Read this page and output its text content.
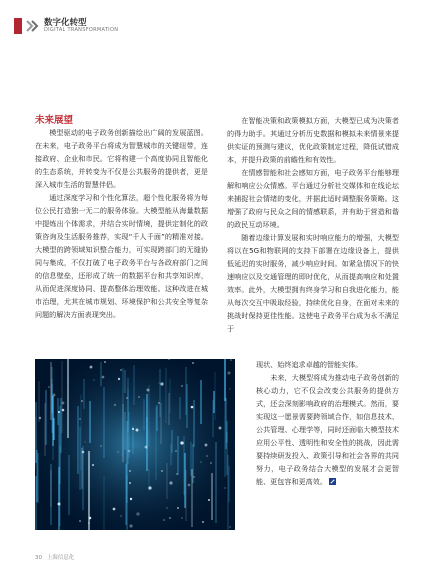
数字化转型
DIGITAL TRANSFORMATION
未来展望

模型驱动的电子政务创新描绘出广阔的发展蓝图。在未来，电子政务平台将成为智慧城市的关键纽带，连接政府、企业和市民。它将构建一个高度协同且智能化的生态系统，并转变为不仅是公共服务的提供者，更是深入城市生活的智慧伴侣。

通过深度学习和个性化算法，超个性化服务将为每位公民打造独一无二的服务体验。大模型能从海量数据中提炼出个体需求，并结合实时情境，提供定制化的政策咨询及生活服务推荐，实现“千人千面”的精准对接。大模型的跨领域知识整合能力，可实现跨部门的无缝协同与集成，不仅打破了电子政务平台与各政府部门之间的信息壁垒，还形成了统一的数据平台和共享知识库，从而促进深度协同、提高整体治理效能。这种改进在城市治理，尤其在城市规划、环境保护和公共安全等复杂问题的解决方面表现突出。

在智能决策和政策模拟方面，大模型已成为决策者的得力助手。其通过分析历史数据和模拟未来情景来提供实证的预测与建议，优化政策制定过程，降低试错成本，并提升政策的前瞻性和有效性。

在情感智能和社会感知方面，电子政务平台能够理解和响应公众情感。平台通过分析社交媒体和在线论坛来捕捉社会情绪的变化，并据此适时调整服务策略。这增强了政府与民众之间的情感联系，并有助于营造和谐的政民互动环境。

随着边缘计算发展和实时响应能力的增强，大模型将以在5G和物联网的支持下部署在边缘设备上，提供低延迟的实时服务，减少响应时间。如紧急情况下的快速响应以及交通管理的即时优化，从而提高响应和处置效率。此外，大模型拥有终身学习和自我进化能力，能从每次交互中吸取经验，持续优化自身，在面对未来的挑战时保持更佳性能。这使电子政务平台成为永不满足于

现状、始终追求卓越的智能实体。

未来，大模型将成为推动电子政务创新的核心动力，它不仅会改变公共服务的提供方式，还会深刻影响政府的治理模式。然而，要实现这一愿景需要跨领域合作，如信息技术、公共管理、心理学等，同时还面临大模型技术应用公平性、透明性和安全性的挑战，因此需要持续研发投入、政策引导和社会各界的共同努力，电子政务结合大模型的发展才会更智能、更包容和更高效。

30 上海信息化
